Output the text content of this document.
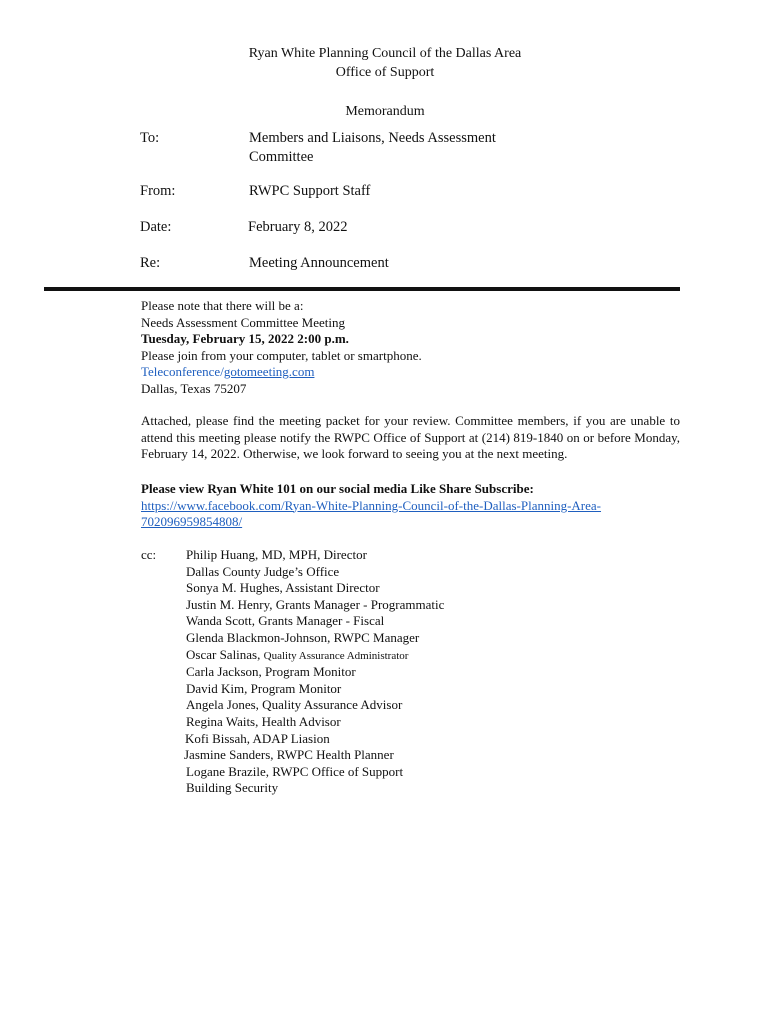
Ryan White Planning Council of the Dallas Area
Office of Support
Memorandum
To:	Members and Liaisons, Needs Assessment
Committee
From:	RWPC Support Staff
Date:	February 8, 2022
Re:	Meeting Announcement
Please note that there will be a:
Needs Assessment Committee Meeting
Tuesday, February 15, 2022 2:00 p.m.
Please join from your computer, tablet or smartphone.
Teleconference/gotomeeting.com
Dallas, Texas 75207
Attached, please find the meeting packet for your review. Committee members, if you are unable to attend this meeting please notify the RWPC Office of Support at (214) 819-1840 on or before Monday, February 14, 2022. Otherwise, we look forward to seeing you at the next meeting.
Please view Ryan White 101 on our social media Like Share Subscribe:
https://www.facebook.com/Ryan-White-Planning-Council-of-the-Dallas-Planning-Area-
702096959854808/
cc: Philip Huang, MD, MPH, Director
Dallas County Judge’s Office
Sonya M. Hughes, Assistant Director
Justin M. Henry, Grants Manager - Programmatic
Wanda Scott, Grants Manager - Fiscal
Glenda Blackmon-Johnson, RWPC Manager
Oscar Salinas, Quality Assurance Administrator
Carla Jackson, Program Monitor
David Kim, Program Monitor
Angela Jones, Quality Assurance Advisor
Regina Waits, Health Advisor
Kofi Bissah, ADAP Liasion
Jasmine Sanders, RWPC Health Planner
Logane Brazile, RWPC Office of Support
Building Security
